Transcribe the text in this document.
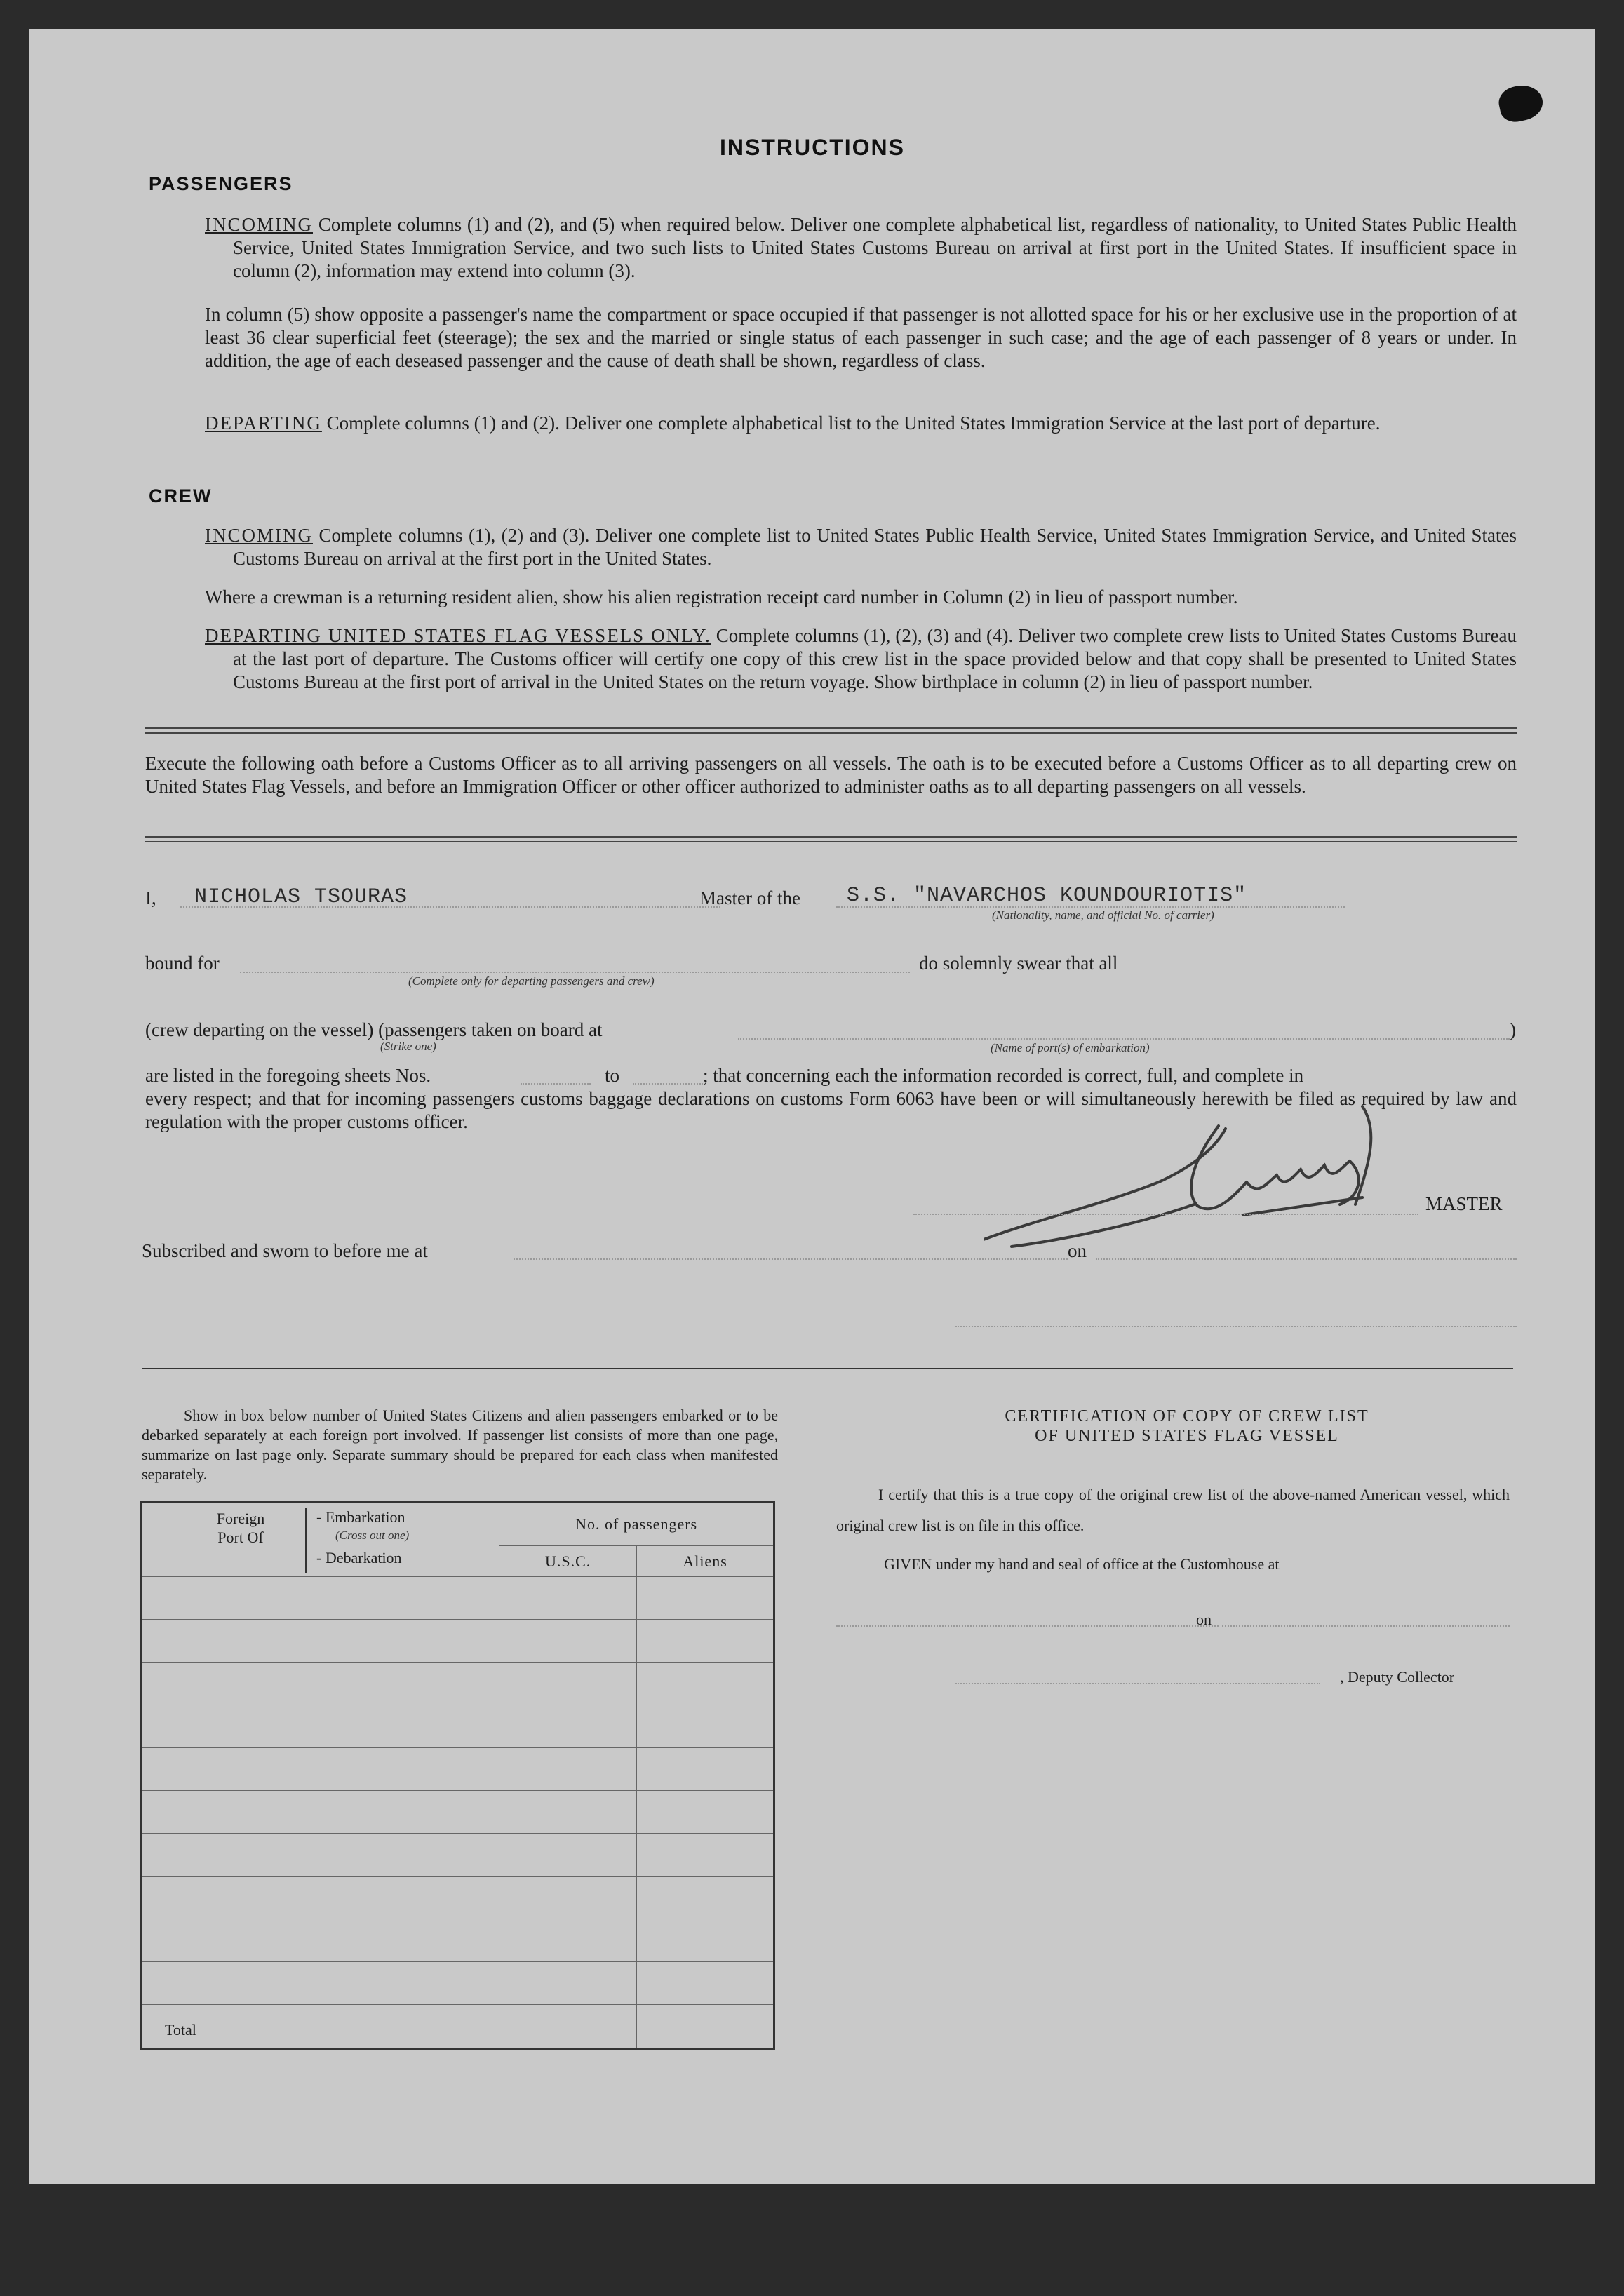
INSTRUCTIONS
PASSENGERS

INCOMING Complete columns (1) and (2), and (5) when required below. Deliver one complete alphabetical list, regardless of nationality, to United States Public Health Service, United States Immigration Service, and two such lists to United States Customs Bureau on arrival at first port in the United States. If insufficient space in column (2), information may extend into column (3).

In column (5) show opposite a passenger's name the compartment or space occupied if that passenger is not allotted space for his or her exclusive use in the proportion of at least 36 clear superficial feet (steerage); the sex and the married or single status of each passenger in such case; and the age of each passenger of 8 years or under. In addition, the age of each deseased passenger and the cause of death shall be shown, regardless of class.

DEPARTING Complete columns (1) and (2). Deliver one complete alphabetical list to the United States Immigration Service at the last port of departure.

CREW

INCOMING Complete columns (1), (2) and (3). Deliver one complete list to United States Public Health Service, United States Immigration Service, and United States Customs Bureau on arrival at the first port in the United States.

Where a crewman is a returning resident alien, show his alien registration receipt card number in Column (2) in lieu of passport number.

DEPARTING UNITED STATES FLAG VESSELS ONLY. Complete columns (1), (2), (3) and (4). Deliver two complete crew lists to United States Customs Bureau at the last port of departure. The Customs officer will certify one copy of this crew list in the space provided below and that copy shall be presented to United States Customs Bureau at the first port of arrival in the United States on the return voyage. Show birthplace in column (2) in lieu of passport number.

Execute the following oath before a Customs Officer as to all arriving passengers on all vessels. The oath is to be executed before a Customs Officer as to all departing crew on United States Flag Vessels, and before an Immigration Officer or other officer authorized to administer oaths as to all departing passengers on all vessels.

I, NICHOLAS TSOURAS	Master of the S.S. "NAVARCHOS KOUNDOURIOTIS"
(Nationality, name, and official No. of carrier)
bound for
(Complete only for departing passengers and crew)
do solemnly swear that all
(crew departing on the vessel) (passengers taken on board at	)
(Strike one)	(Name of port(s) of embarkation)
are listed in the foregoing sheets Nos.	to	; that concerning each the information recorded is correct, full, and complete in

every respect; and that for incoming passengers customs baggage declarations on customs Form 6063 have been or will simultaneously herewith be filed as required by law and regulation with the proper customs officer.

MASTER
Subscribed and sworn to before me at	on

Show in box below number of United States Citizens and alien passengers embarked or to be debarked separately at each foreign port involved. If passenger list consists of more than one page, summarize on last page only. Separate summary should be prepared for each class when manifested separately.

Foreign Port Of
- Embarkation
(Cross out one)
- Debarkation	No. of passengers	
	U.S.C.	Aliens

Total		
CERTIFICATION OF COPY OF CREW LIST
OF UNITED STATES FLAG VESSEL

I certify that this is a true copy of the original crew list of the above-named American vessel, which original crew list is on file in this office.

GIVEN under my hand and seal of office at the Customhouse at

on
, Deputy Collector
